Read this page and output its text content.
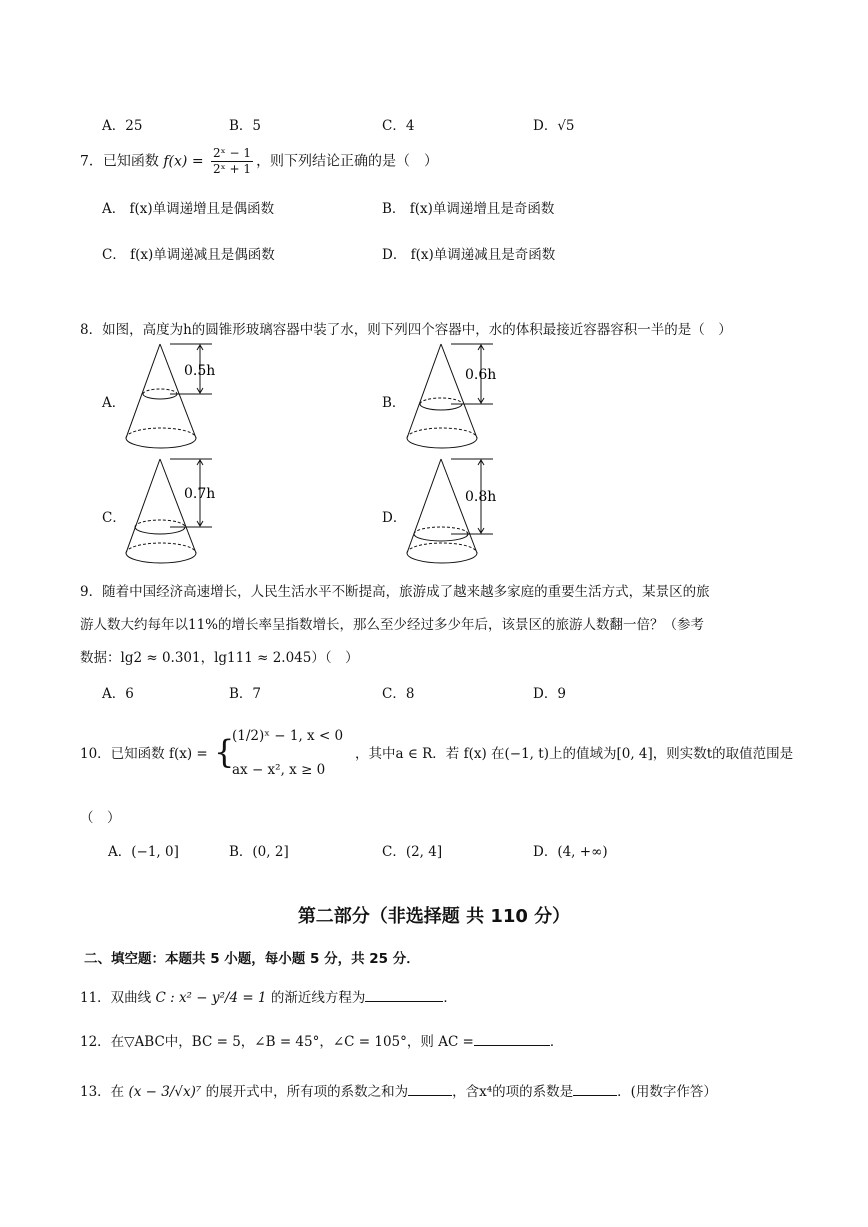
A．25	B．5	C．4	D．√5
7．已知函数 $f(x) = \frac{\text{2ˣ − 1}}{\text{2ˣ + 1}}$ ，则下列结论正确的是（　）
A． f(x)单调递增且是偶函数	B． f(x)单调递增且是奇函数
C． f(x)单调递减且是偶函数	D． f(x)单调递减且是奇函数
8．如图，高度为h的圆锥形玻璃容器中装了水，则下列四个容器中，水的体积最接近容器容积一半的是（　）
A．	B．
C．	D．
0.5h	0.6h
0.7h	0.8h
9．随着中国经济高速增长，人民生活水平不断提高，旅游成了越来越多家庭的重要生活方式，某景区的旅
游人数大约每年以11%的增长率呈指数增长，那么至少经过多少年后，该景区的旅游人数翻一倍？（参考
数据：lg2 ≈ 0.301，lg111 ≈ 2.045）（　）
A．6	B．7	C．8	D．9
10．已知函数 f(x) = {
(1/2)ˣ − 1, x < 0
ax − x², x ≥ 0
，其中a ∈ R．若 f(x) 在(−1, t)上的值域为[0, 4]，则实数t的取值范围是
（　）
A．(−1, 0]	B．(0, 2]	C．(2, 4]	D．(4, +∞)
第二部分（非选择题 共 110 分）
二、填空题：本题共 5 小题，每小题 5 分，共 25 分．
11．双曲线 C : x² − y²/4 = 1 的渐近线方程为	．
12．在▽ABC中，BC = 5，∠B = 45°，∠C = 105°，则 AC =	．
13．在 (x − 3/√x)⁷ 的展开式中，所有项的系数之和为	，含x⁴的项的系数是	．(用数字作答）
